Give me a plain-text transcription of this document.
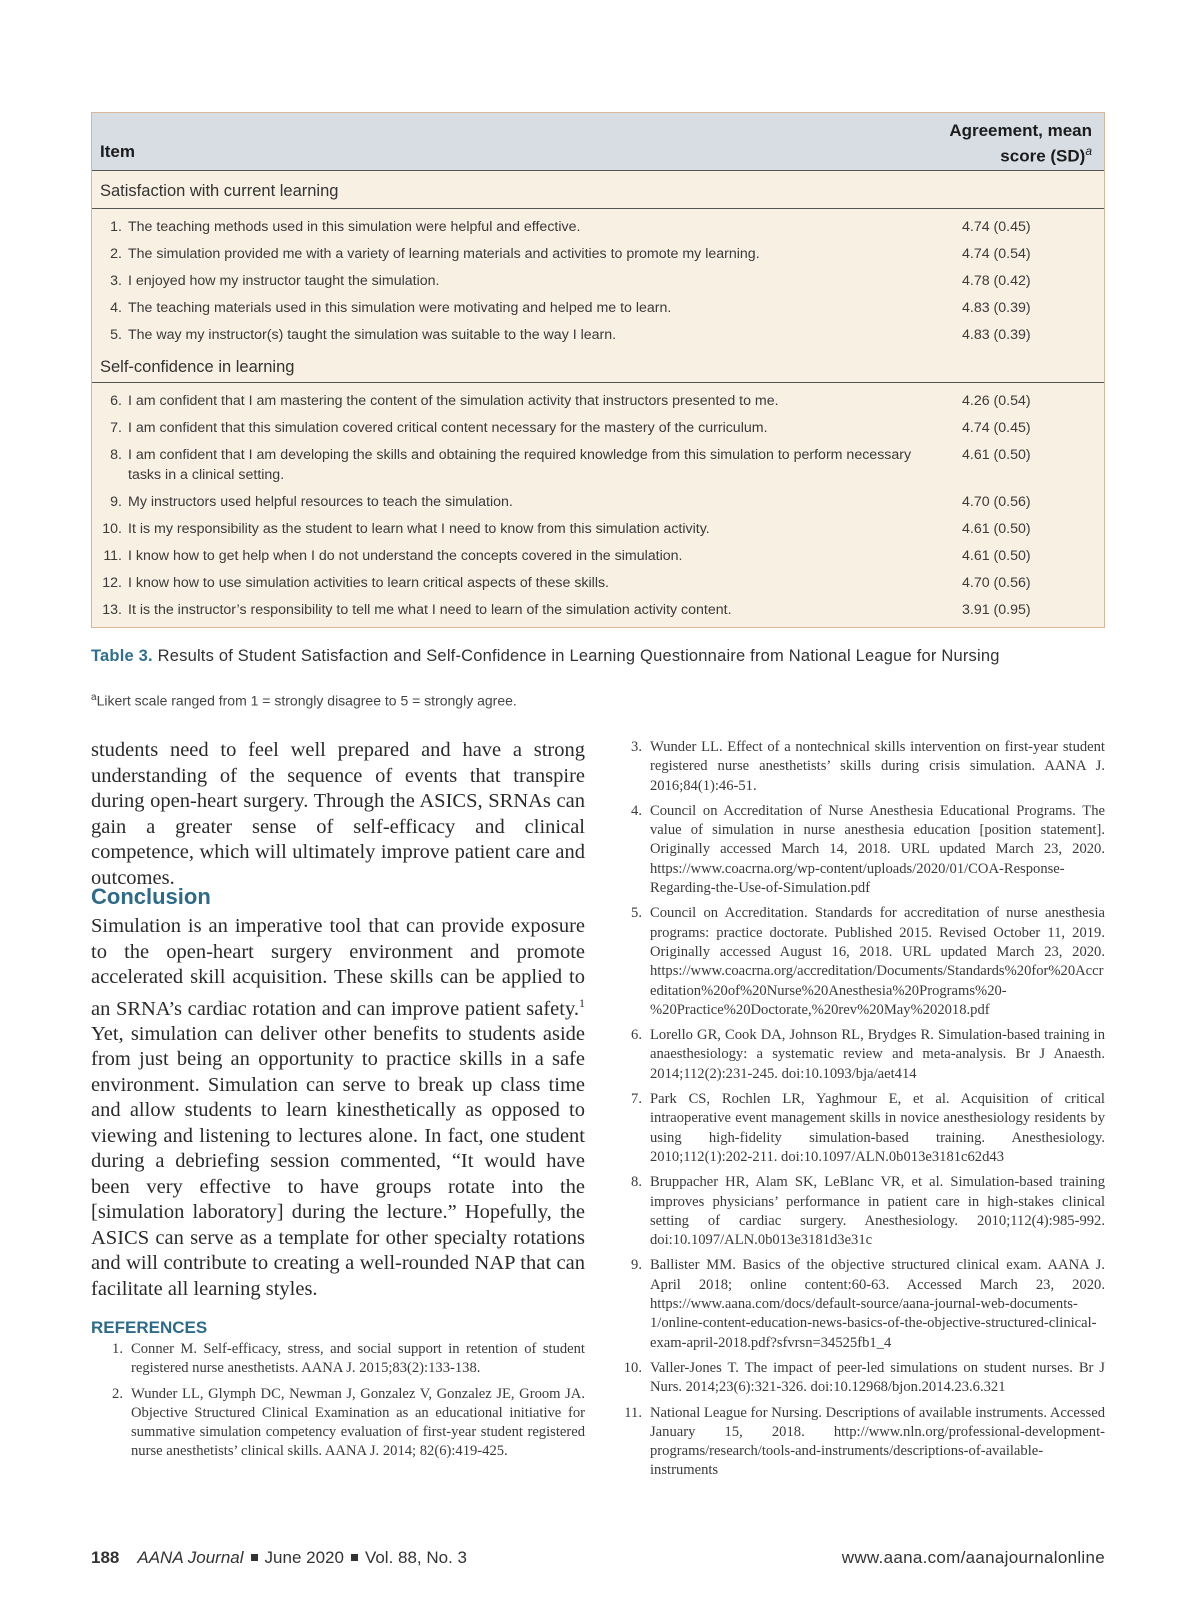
Item
Agreement, mean
score (SD)$^a$
Satisfaction with current learning
1. The teaching methods used in this simulation were helpful and effective.	4.74 (0.45)
2. The simulation provided me with a variety of learning materials and activities to promote my learning.	4.74 (0.54)
3. I enjoyed how my instructor taught the simulation.	4.78 (0.42)
4. The teaching materials used in this simulation were motivating and helped me to learn.	4.83 (0.39)
5. The way my instructor(s) taught the simulation was suitable to the way I learn.	4.83 (0.39)
Self-confidence in learning
6. I am confident that I am mastering the content of the simulation activity that instructors presented to me.	4.26 (0.54)
7. I am confident that this simulation covered critical content necessary for the mastery of the curriculum.	4.74 (0.45)
8. I am confident that I am developing the skills and obtaining the required knowledge from this simulation to perform necessary tasks in a clinical setting.
4.61 (0.50)
9. My instructors used helpful resources to teach the simulation.	4.70 (0.56)
10. It is my responsibility as the student to learn what I need to know from this simulation activity.	4.61 (0.50)
11. I know how to get help when I do not understand the concepts covered in the simulation.	4.61 (0.50)
12. I know how to use simulation activities to learn critical aspects of these skills.	4.70 (0.56)
13. It is the instructor’s responsibility to tell me what I need to learn of the simulation activity content.	3.91 (0.95)
Table 3. Results of Student Satisfaction and Self-Confidence in Learning Questionnaire from National League for Nursing
$^a$Likert scale ranged from 1 = strongly disagree to 5 = strongly agree.

students need to feel well prepared and have a strong understanding of the sequence of events that transpire during open-heart surgery. Through the ASICS, SRNAs can gain a greater sense of self-efficacy and clinical competence, which will ultimately improve patient care and outcomes.

Conclusion

Simulation is an imperative tool that can provide exposure to the open-heart surgery environment and promote accelerated skill acquisition. These skills can be applied to an SRNA’s cardiac rotation and can improve patient safety.$^1$ Yet, simulation can deliver other benefits to students aside from just being an opportunity to practice skills in a safe environment. Simulation can serve to break up class time and allow students to learn kinesthetically as opposed to viewing and listening to lectures alone. In fact, one student during a debriefing session commented, “It would have been very effective to have groups rotate into the [simulation laboratory] during the lecture.” Hopefully, the ASICS can serve as a template for other specialty rotations and will contribute to creating a well-rounded NAP that can facilitate all learning styles.

REFERENCES
1. Conner M. Self-efficacy, stress, and social support in retention of student registered nurse anesthetists. AANA J. 2015;83(2):133-138.
2. Wunder LL, Glymph DC, Newman J, Gonzalez V, Gonzalez JE, Groom JA. Objective Structured Clinical Examination as an educational initiative for summative simulation competency evaluation of first-year student registered nurse anesthetists’ clinical skills. AANA J. 2014; 82(6):419-425.
3. Wunder LL. Effect of a nontechnical skills intervention on first-year student registered nurse anesthetists’ skills during crisis simulation. AANA J. 2016;84(1):46-51.
4. Council on Accreditation of Nurse Anesthesia Educational Programs. The value of simulation in nurse anesthesia education [position statement]. Originally accessed March 14, 2018. URL updated March 23, 2020. https://www.coacrna.org/wp-content/uploads/2020/01/COA-Response-Regarding-the-Use-of-Simulation.pdf
5. Council on Accreditation. Standards for accreditation of nurse anesthesia programs: practice doctorate. Published 2015. Revised October 11, 2019. Originally accessed August 16, 2018. URL updated March 23, 2020. https://www.coacrna.org/accreditation/Documents/Standards%20for%20Accreditation%20of%20Nurse%20Anesthesia%20Programs%20-%20Practice%20Doctorate,%20rev%20May%202018.pdf
6. Lorello GR, Cook DA, Johnson RL, Brydges R. Simulation-based training in anaesthesiology: a systematic review and meta-analysis. Br J Anaesth. 2014;112(2):231-245. doi:10.1093/bja/aet414
7. Park CS, Rochlen LR, Yaghmour E, et al. Acquisition of critical intraoperative event management skills in novice anesthesiology residents by using high-fidelity simulation-based training. Anesthesiology. 2010;112(1):202-211. doi:10.1097/ALN.0b013e3181c62d43
8. Bruppacher HR, Alam SK, LeBlanc VR, et al. Simulation-based training improves physicians’ performance in patient care in high-stakes clinical setting of cardiac surgery. Anesthesiology. 2010;112(4):985-992. doi:10.1097/ALN.0b013e3181d3e31c
9. Ballister MM. Basics of the objective structured clinical exam. AANA J. April 2018; online content:60-63. Accessed March 23, 2020. https://www.aana.com/docs/default-source/aana-journal-web-documents-1/online-content-education-news-basics-of-the-objective-structured-clinical-exam-april-2018.pdf?sfvrsn=34525fb1_4
10. Valler-Jones T. The impact of peer-led simulations on student nurses. Br J Nurs. 2014;23(6):321-326. doi:10.12968/bjon.2014.23.6.321
11. National League for Nursing. Descriptions of available instruments. Accessed January 15, 2018. http://www.nln.org/professional-development-programs/research/tools-and-instruments/descriptions-of-available-instruments
188 AANA Journal June 2020 Vol. 88, No. 3	www.aana.com/aanajournalonline
